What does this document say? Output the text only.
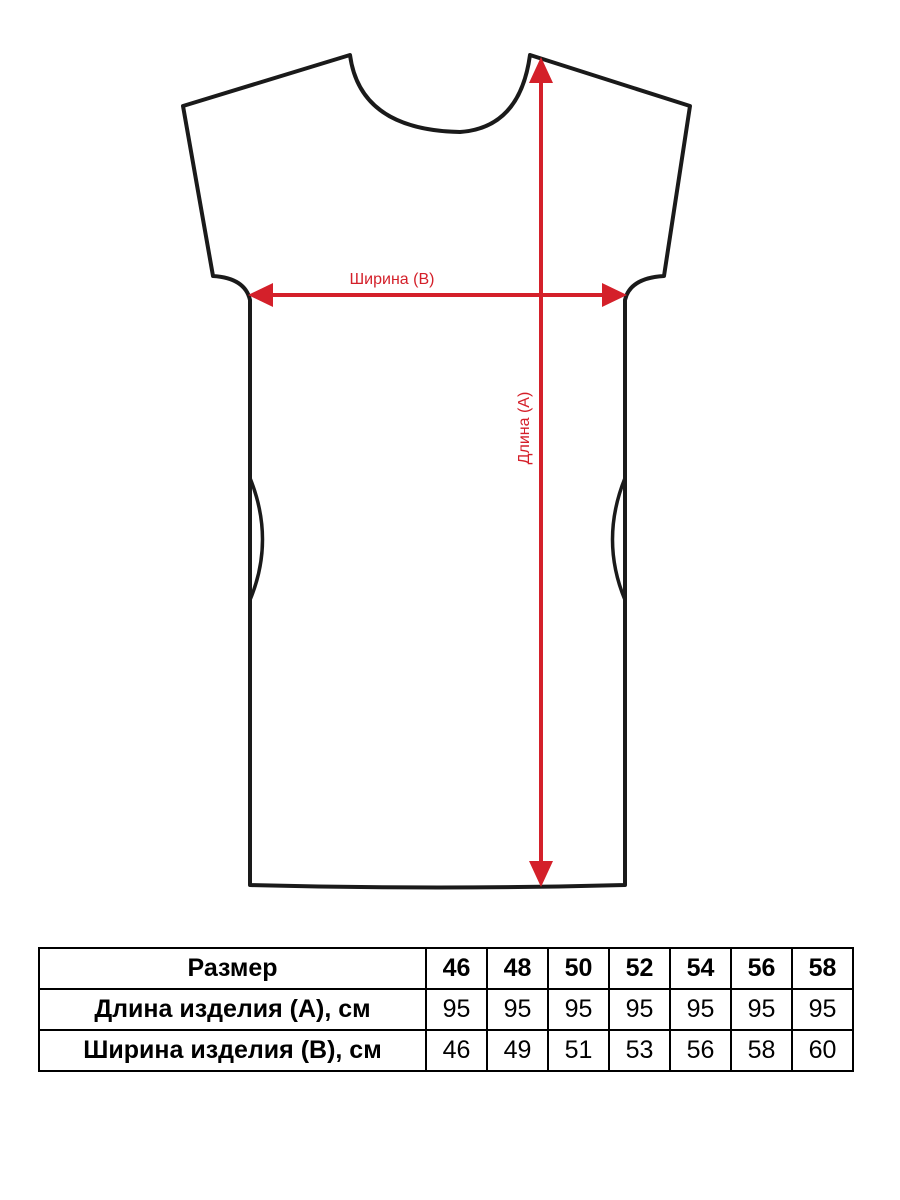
Ширина (B)
Длина (А)
Размер	46	48	50	52	54	56	58
Длина изделия (А), см	95	95	95	95	95	95	95
Ширина изделия (В), см	46	49	51	53	56	58	60
